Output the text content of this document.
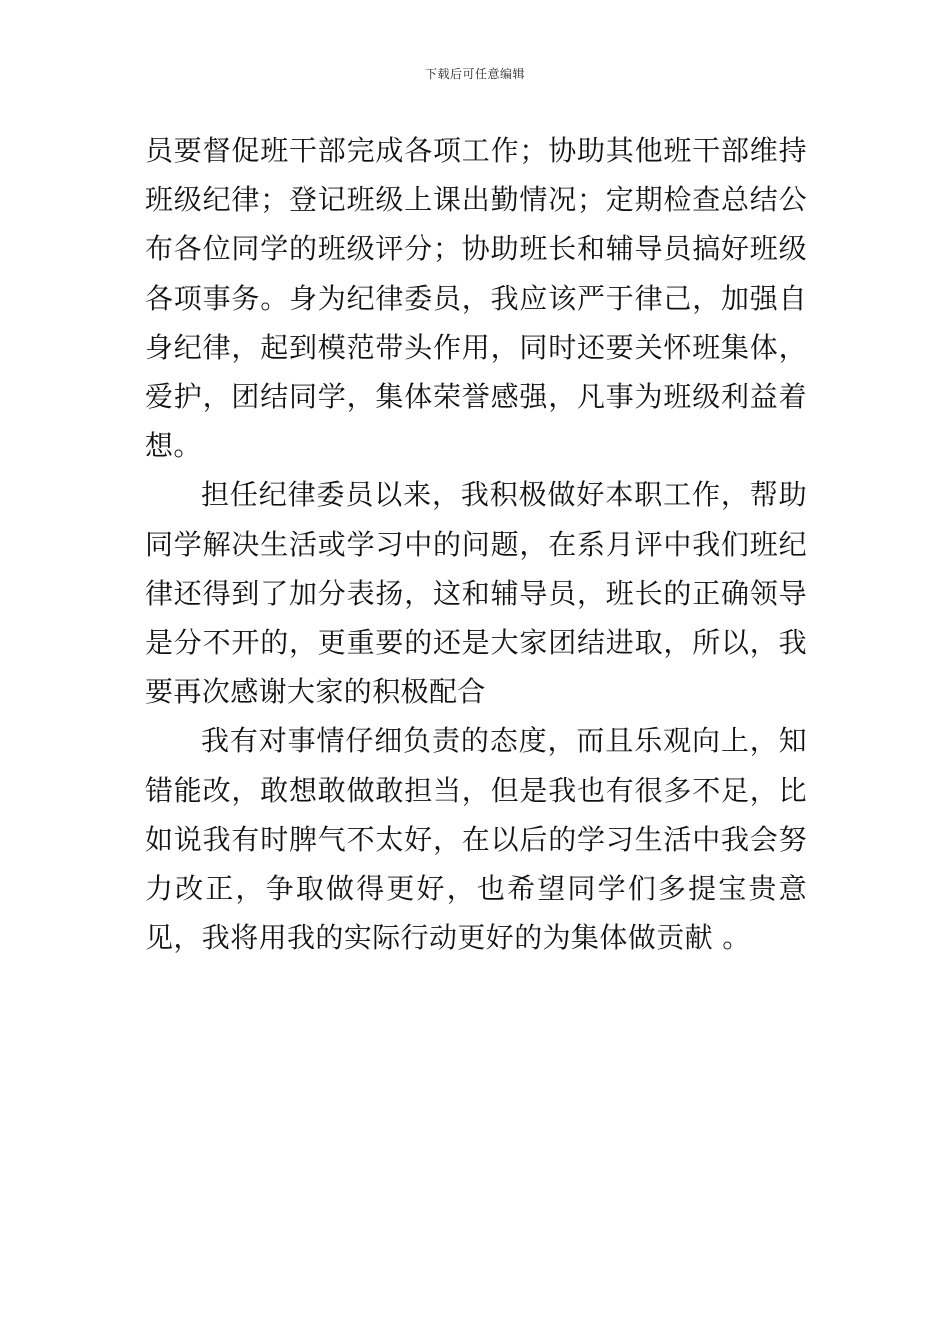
下载后可任意编辑

员要督促班干部完成各项工作；协助其他班干部维持班级纪律；登记班级上课出勤情况；定期检查总结公布各位同学的班级评分；协助班长和辅导员搞好班级各项事务。身为纪律委员，我应该严于律己，加强自身纪律，起到模范带头作用，同时还要关怀班集体，爱护，团结同学，集体荣誉感强，凡事为班级利益着想。

担任纪律委员以来，我积极做好本职工作，帮助同学解决生活或学习中的问题，在系月评中我们班纪律还得到了加分表扬，这和辅导员，班长的正确领导是分不开的，更重要的还是大家团结进取，所以，我要再次感谢大家的积极配合

我有对事情仔细负责的态度，而且乐观向上，知错能改，敢想敢做敢担当，但是我也有很多不足，比如说我有时脾气不太好，在以后的学习生活中我会努力改正，争取做得更好，也希望同学们多提宝贵意见，我将用我的实际行动更好的为集体做贡献 。
